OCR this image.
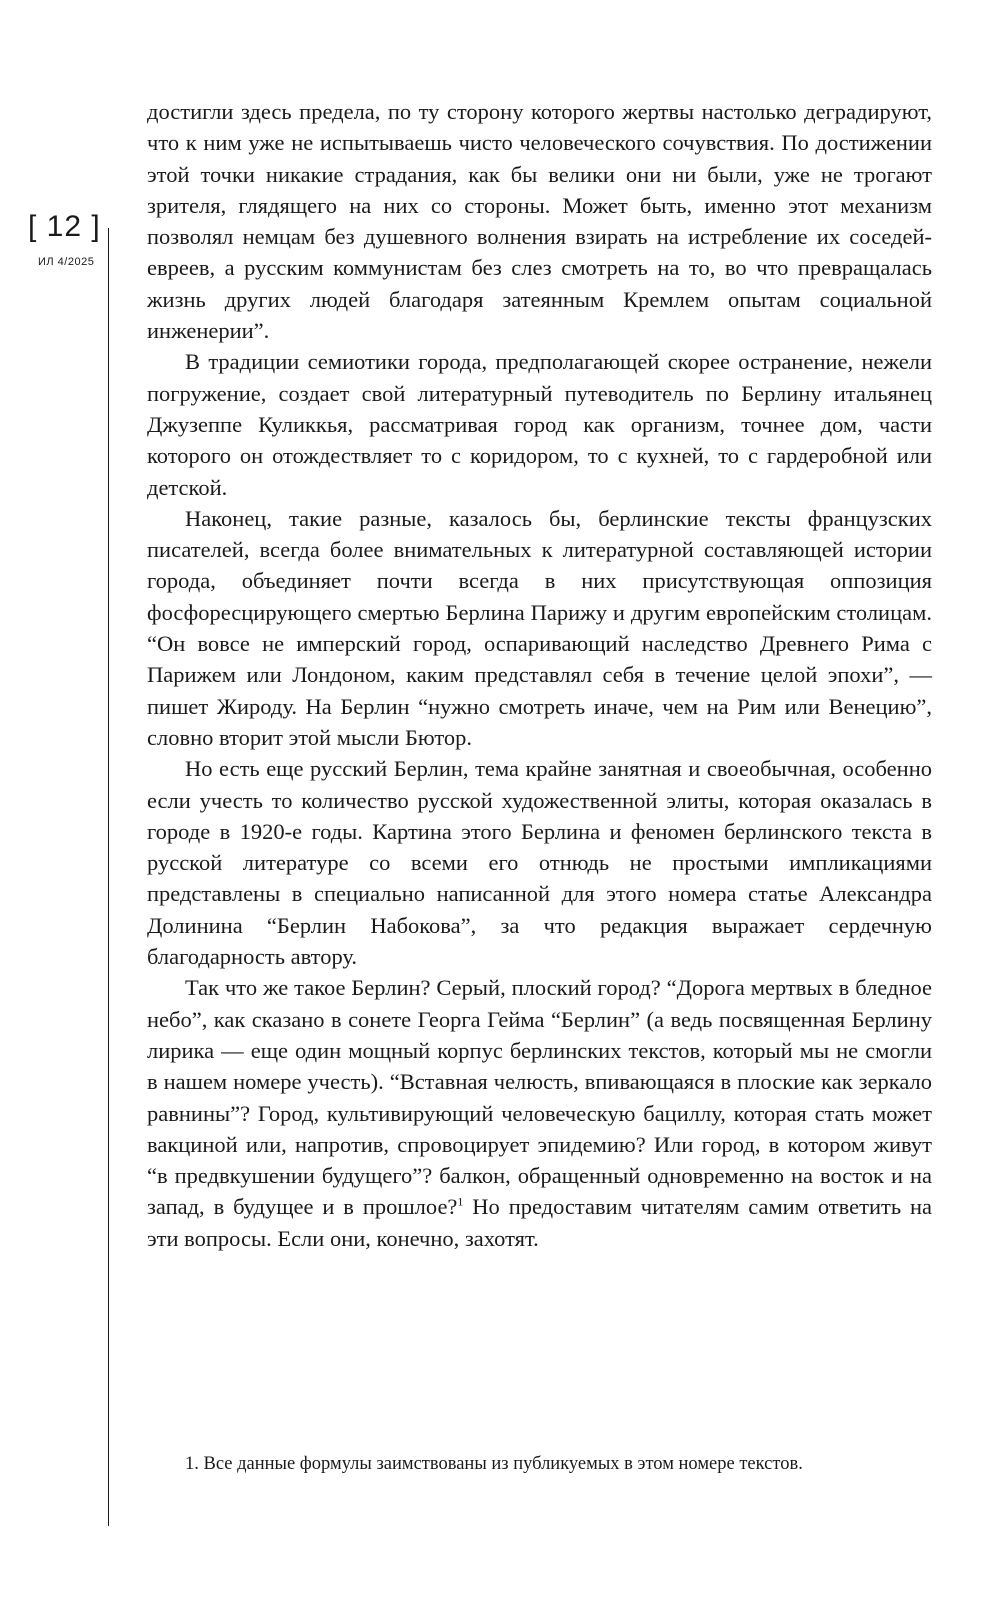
[ 12 ]
ИЛ 4/2025

достигли здесь предела, по ту сторону которого жертвы настолько деградируют, что к ним уже не испытываешь чисто человеческого сочувствия. По достижении этой точки никакие страдания, как бы велики они ни были, уже не трогают зрителя, глядящего на них со стороны. Может быть, именно этот механизм позволял немцам без душевного волнения взирать на истребление их соседей-евреев, а русским коммунистам без слез смотреть на то, во что превращалась жизнь других людей благодаря затеянным Кремлем опытам социальной инженерии”.

В традиции семиотики города, предполагающей скорее остранение, нежели погружение, создает свой литературный путеводитель по Берлину итальянец Джузеппе Куликкья, рассматривая город как организм, точнее дом, части которого он отождествляет то с коридором, то с кухней, то с гардеробной или детской.

Наконец, такие разные, казалось бы, берлинские тексты французских писателей, всегда более внимательных к литературной составляющей истории города, объединяет почти всегда в них присутствующая оппозиция фосфоресцирующего смертью Берлина Парижу и другим европейским столицам. “Он вовсе не имперский город, оспаривающий наследство Древнего Рима с Парижем или Лондоном, каким представлял себя в течение целой эпохи”, — пишет Жироду. На Берлин “нужно смотреть иначе, чем на Рим или Венецию”, словно вторит этой мысли Бютор.

Но есть еще русский Берлин, тема крайне занятная и своеобычная, особенно если учесть то количество русской художественной элиты, которая оказалась в городе в 1920-е годы. Картина этого Берлина и феномен берлинского текста в русской литературе со всеми его отнюдь не простыми импликациями представлены в специально написанной для этого номера статье Александра Долинина “Берлин Набокова”, за что редакция выражает сердечную благодарность автору.

Так что же такое Берлин? Серый, плоский город? “Дорога мертвых в бледное небо”, как сказано в сонете Георга Гейма “Берлин” (а ведь посвященная Берлину лирика — еще один мощный корпус берлинских текстов, который мы не смогли в нашем номере учесть). “Вставная челюсть, впивающаяся в плоские как зеркало равнины”? Город, культивирующий человеческую бациллу, которая стать может вакциной или, напротив, спровоцирует эпидемию? Или город, в котором живут “в предвкушении будущего”? балкон, обращенный одновременно на восток и на запад, в будущее и в прошлое?$^1$ Но предоставим читателям самим ответить на эти вопросы. Если они, конечно, захотят.

1. Все данные формулы заимствованы из публикуемых в этом номере текстов.
